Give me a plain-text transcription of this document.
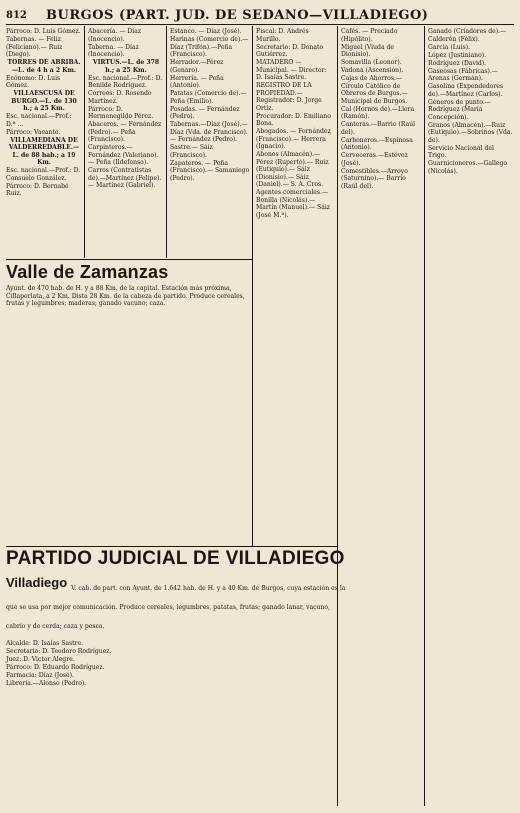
812	BURGOS (PART. JUD. DE SEDANO—VILLADIEGO)
Párroco: D. Luis Gómez.
Tabernas. — Feliz (Feliciano).— Ruiz (Diego).
TORRES DE ABRIBA.—L. de 4 h a 2 Km.
Ecónomo: D. Luis Gómez.
VILLAESCUSA DE BURGO.—L. de 130 h.; a 25 Km.
Esc. nacional.—Prof.: D.ª ...
Párroco: Vacante.
VILLAMEDIANA DE VALDERREDABLE.—L. de 88 hab.; a 19 Km.
Esc. nacional.—Prof.: D. Consuelo González.
Párroco: D. Bernabé Ruiz.
Abacería. — Díaz (Inocencio).
Taberna. — Díaz (Inocencio).
VIRTUS.—L. de 378 h.; a 25 Km.
Esc. nacional.—Prof.: D. Benilde Rodríguez.
Correos: D. Rosendo Martínez.
Párroco: D. Hermenegildo Pérez.
Abaceros. — Fernández (Pedro).— Peña (Francisco).
Carpinteros.—Fernández (Valeriano).— Peña (Ildefonso).
Carros (Contratistas de).—Martínez (Felipe).— Martínez (Gabriel).
Estanco. — Díaz (José).
Harinas (Comercio de).—Díaz (Trifón).—Peña (Francisco).
Herrador.—Pérez (Genaro).
Herrería. — Peña (Antonio).
Patatas (Comercio de).— Peña (Emilio).
Posadas. — Fernández (Pedro).
Tabernas.—Díaz (José).— Díaz (Vda. de Francisco).— Fernández (Pedro).
Sastre.— Sáiz (Francisco).
Zapateros. — Peña (Francisco).— Samaniego (Pedro).
Fiscal: D. Andrés Murillo.
Secretario: D. Donato Gutiérrez.
MATADERO — Municipal. — Director: D. Isaías Sastre.
REGISTRO DE LA PROPIEDAD.— Registrador: D. Jorge Ortiz.
Procurador: D. Emiliano Bona.
Abogados. — Fernández (Francisco).— Herrera (Ignacio).
Abonos (Almacén).—Pérez (Ruperto).— Ruiz (Eutiquio).— Sáiz (Dionisio).— Sáiz (Daniel).— S. A. Cros.
Agentes comerciales.— Bonilla (Nicolás).— Martín (Manuel).— Sáiz (José M.ª).
Cafés. — Preciado (Hipólito).
Miguel (Viuda de Dionisio).
Somavilla (Leonor).
Vadona (Ascensión).
Cajas de Ahorros.—Círculo Católico de Obreros de Burgos.—Municipal de Burgos.
Cal (Hornos de).—Llera (Ramón).
Canteras.—Barrio (Raúl del).
Carboneros.—Espinosa (Antonio).
Cerveceras.—Estévez (José).
Comestibles.—Arroyo (Saturnino).— Barrio (Raúl del).
Ganado (Criadores de).—Calderón (Félix).
Garcia (Luis).
López (Justiniano).
Rodríguez (David).
Gaseosas (Fábricas).— Arenas (Germán).
Gasolina (Expendedores de).—Martínez (Carlos).
Géneros de punto.— Rodríguez (María Concepción).
Granos (Almacén).—Ruiz (Eutiquio).—Sobrinos (Vda. de).
Servicio Nacional del Trigo.
Guarnicioneros.—Gallego (Nicolás).
Valle de Zamanzas
Ayunt. de 470 hab. de H. y a 88 Km. de la capital. Estación más próxima, Cillaperlata, a 2 Km. Dista 28 Km. de la cabeza de partido. Produce cereales, frutas y legumbres; maderas; ganado vacuno; caza.
PARTIDO JUDICIAL DE VILLADIEGO
Villadiego V. cab. de part. con Ayunt. de 1.642 hab. de H. y a 40 Km. de Burgos, cuya estación es la que se usa por mejor comunicación. Produce cereales, legumbres, patatas, frutas; ganado lanar, vacuno, cabrío y de cerda; caza y pesca.
Alcalde: D. Isaías Sastre.
Secretario: D. Teodoro Rodríguez.
Juez: D. Victor Alegre.
Párroco: D. Eduardo Rodríguez.
Farmacia: Díaz (José).
Librería.—Alonso (Pedro).
